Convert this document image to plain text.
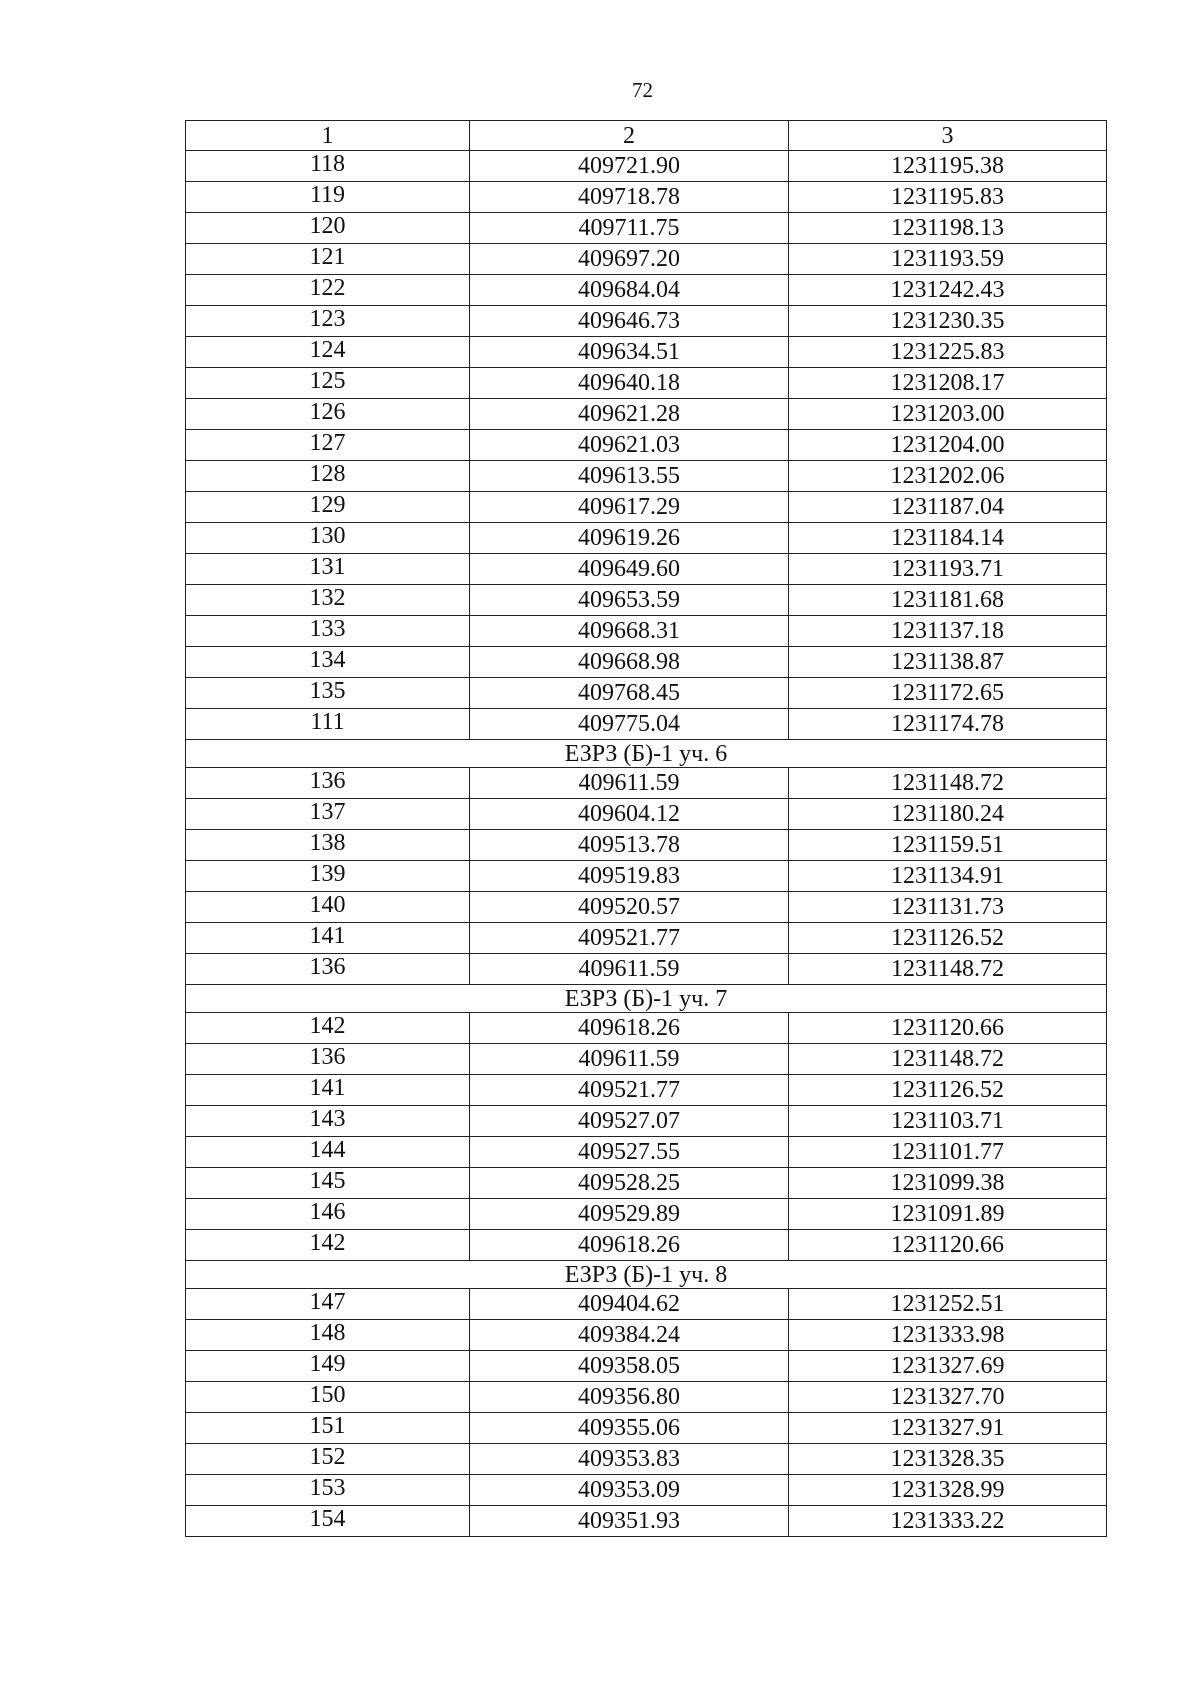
72
1	2	3
118	409721.90	1231195.38
119	409718.78	1231195.83
120	409711.75	1231198.13
121	409697.20	1231193.59
122	409684.04	1231242.43
123	409646.73	1231230.35
124	409634.51	1231225.83
125	409640.18	1231208.17
126	409621.28	1231203.00
127	409621.03	1231204.00
128	409613.55	1231202.06
129	409617.29	1231187.04
130	409619.26	1231184.14
131	409649.60	1231193.71
132	409653.59	1231181.68
133	409668.31	1231137.18
134	409668.98	1231138.87
135	409768.45	1231172.65
111	409775.04	1231174.78
ЕЗРЗ (Б)-1 уч. 6		
136	409611.59	1231148.72
137	409604.12	1231180.24
138	409513.78	1231159.51
139	409519.83	1231134.91
140	409520.57	1231131.73
141	409521.77	1231126.52
136	409611.59	1231148.72
ЕЗРЗ (Б)-1 уч. 7		
142	409618.26	1231120.66
136	409611.59	1231148.72
141	409521.77	1231126.52
143	409527.07	1231103.71
144	409527.55	1231101.77
145	409528.25	1231099.38
146	409529.89	1231091.89
142	409618.26	1231120.66
ЕЗРЗ (Б)-1 уч. 8		
147	409404.62	1231252.51
148	409384.24	1231333.98
149	409358.05	1231327.69
150	409356.80	1231327.70
151	409355.06	1231327.91
152	409353.83	1231328.35
153	409353.09	1231328.99
154	409351.93	1231333.22
